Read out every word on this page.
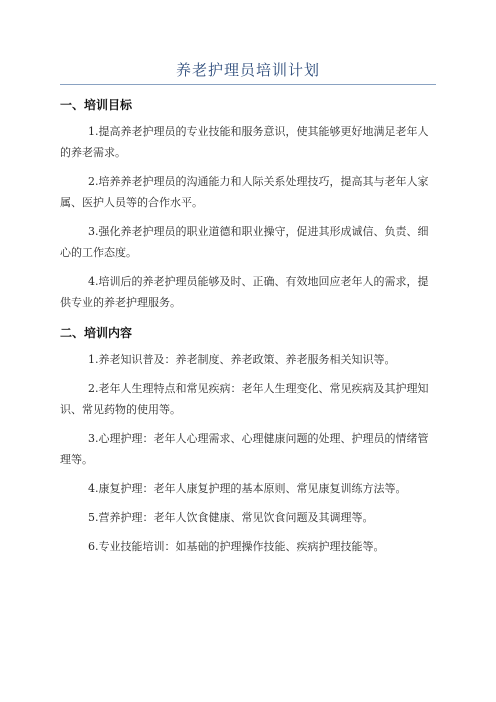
养老护理员培训计划

一、培训目标

1.提高养老护理员的专业技能和服务意识，使其能够更好地满足老年人的养老需求。

2.培养养老护理员的沟通能力和人际关系处理技巧，提高其与老年人家属、医护人员等的合作水平。

3.强化养老护理员的职业道德和职业操守，促进其形成诚信、负责、细心的工作态度。

4.培训后的养老护理员能够及时、正确、有效地回应老年人的需求，提供专业的养老护理服务。

二、培训内容

1.养老知识普及：养老制度、养老政策、养老服务相关知识等。

2.老年人生理特点和常见疾病：老年人生理变化、常见疾病及其护理知识、常见药物的使用等。

3.心理护理：老年人心理需求、心理健康问题的处理、护理员的情绪管理等。

4.康复护理：老年人康复护理的基本原则、常见康复训练方法等。

5.营养护理：老年人饮食健康、常见饮食问题及其调理等。

6.专业技能培训：如基础的护理操作技能、疾病护理技能等。
